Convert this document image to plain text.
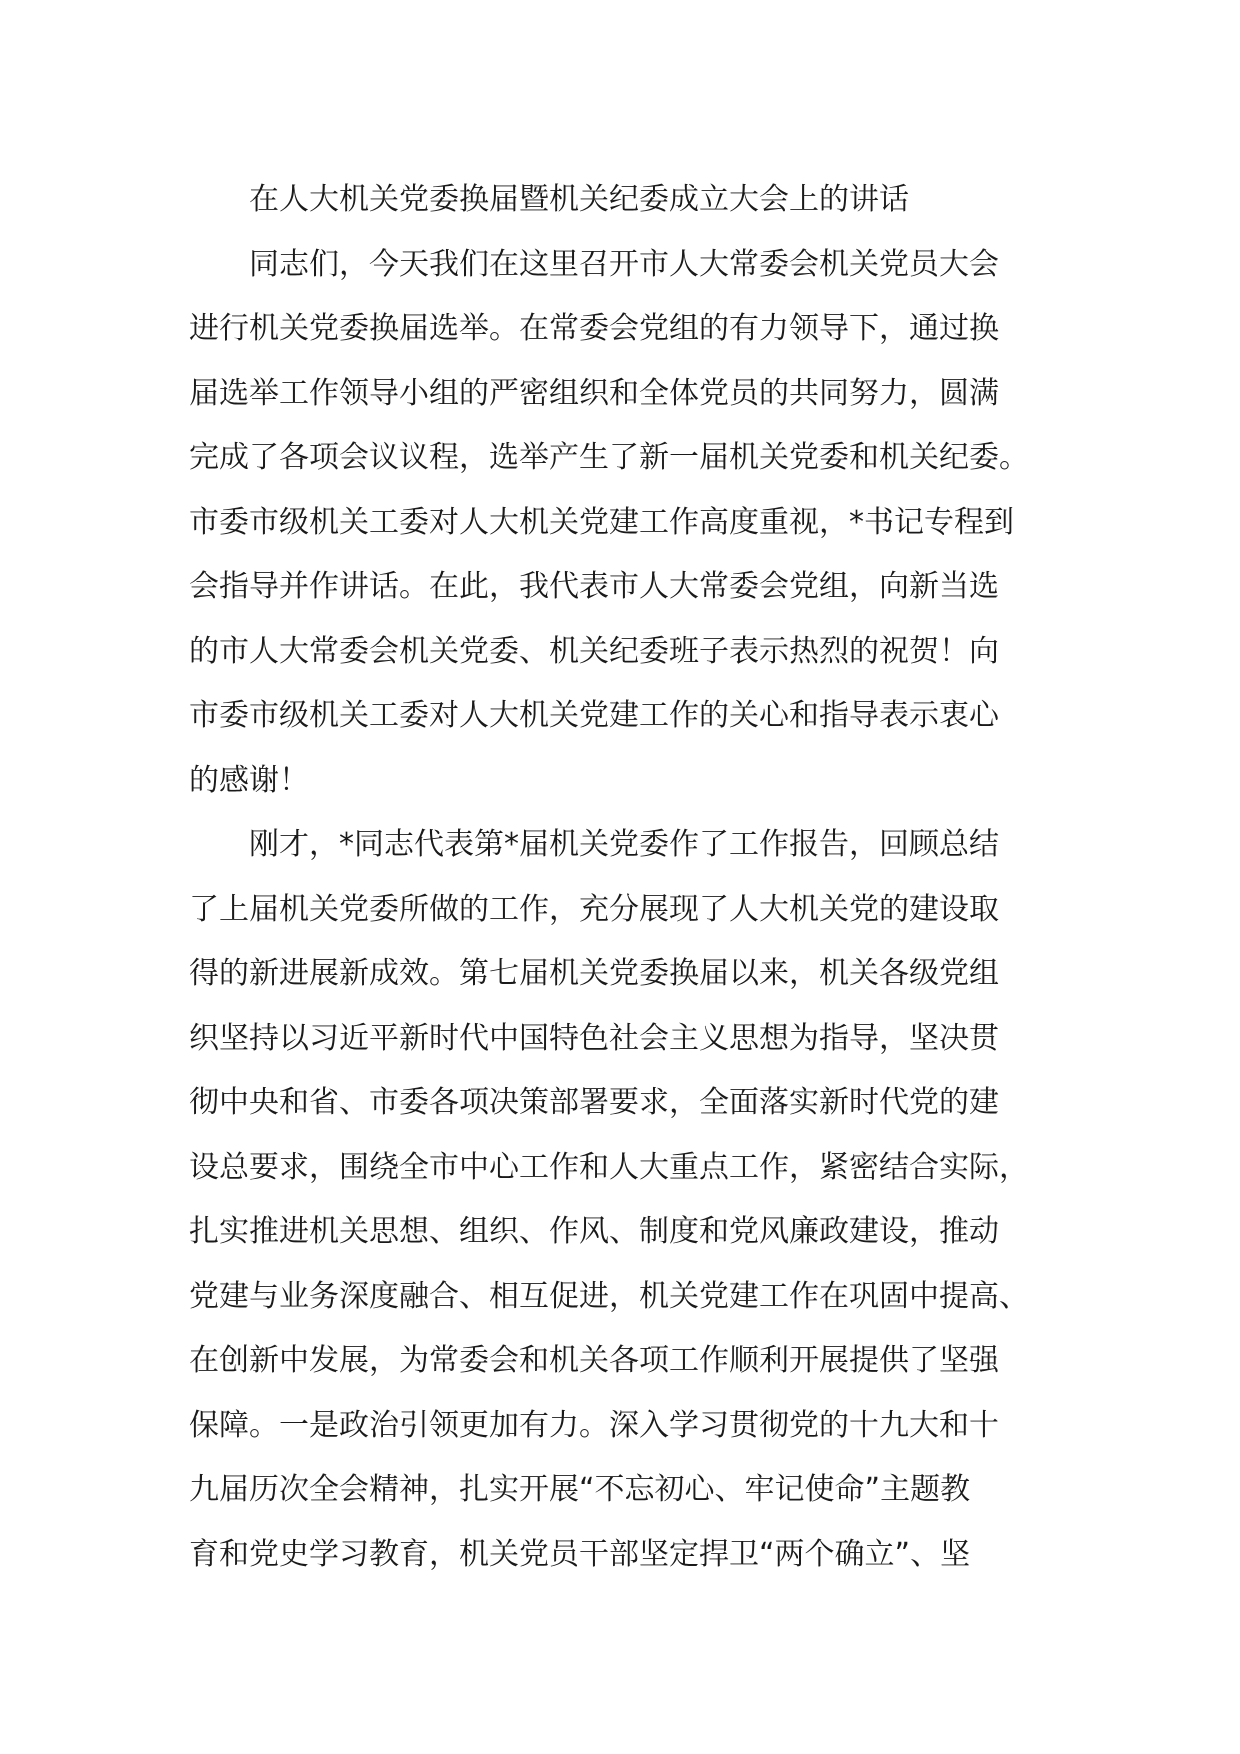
在人大机关党委换届暨机关纪委成立大会上的讲话
同志们，今天我们在这里召开市人大常委会机关党员大会
进行机关党委换届选举。在常委会党组的有力领导下，通过换
届选举工作领导小组的严密组织和全体党员的共同努力，圆满
完成了各项会议议程，选举产生了新一届机关党委和机关纪委。
市委市级机关工委对人大机关党建工作高度重视，*书记专程到
会指导并作讲话。在此，我代表市人大常委会党组，向新当选
的市人大常委会机关党委、机关纪委班子表示热烈的祝贺！向
市委市级机关工委对人大机关党建工作的关心和指导表示衷心
的感谢！
刚才，*同志代表第*届机关党委作了工作报告，回顾总结
了上届机关党委所做的工作，充分展现了人大机关党的建设取
得的新进展新成效。第七届机关党委换届以来，机关各级党组
织坚持以习近平新时代中国特色社会主义思想为指导，坚决贯
彻中央和省、市委各项决策部署要求，全面落实新时代党的建
设总要求，围绕全市中心工作和人大重点工作，紧密结合实际，
扎实推进机关思想、组织、作风、制度和党风廉政建设，推动
党建与业务深度融合、相互促进，机关党建工作在巩固中提高、
在创新中发展，为常委会和机关各项工作顺利开展提供了坚强
保障。一是政治引领更加有力。深入学习贯彻党的十九大和十
九届历次全会精神，扎实开展“不忘初心、牢记使命”主题教
育和党史学习教育，机关党员干部坚定捍卫“两个确立”、坚
